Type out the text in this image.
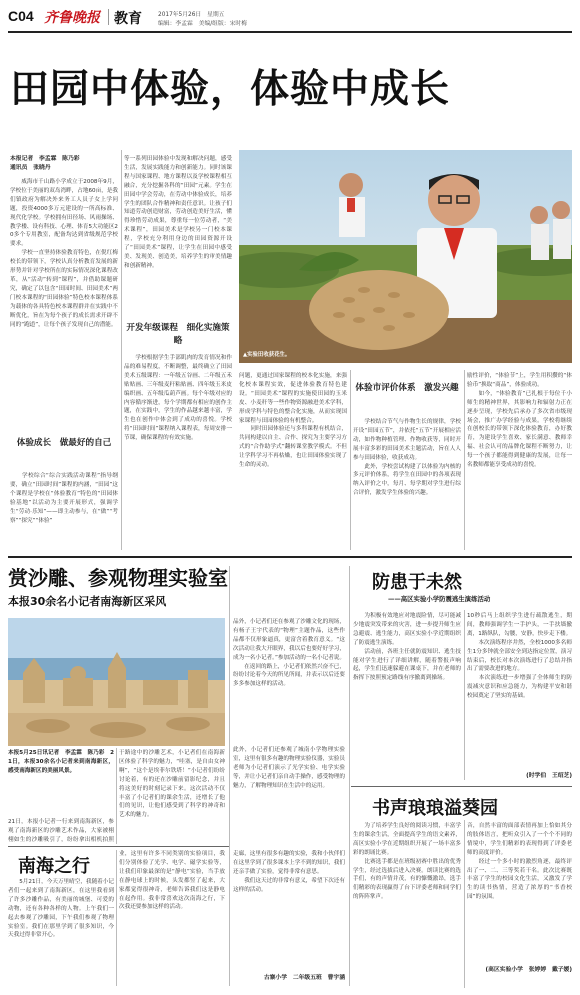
C04 齐鲁晚报 教育	2017年5月26日 星期五
编辑：李孟霖 美编/组版：宋时梅
田园中体验，体验中成长
本报记者　李孟霖　陈乃彩
通讯员　张晓丹
　　威海市千山路小学成立于2008年9月，学校位于美丽的双岛湾畔，占地60亩，是我们镇政府为解决外来务工人员子女上学问题，投资4000多万元建设的一所高标准、现代化学校。学校拥有田径场、风雨操场、教学楼、设有科技、心理、体育5大功能区20多个专用教室，配备均达到省级规范学校要求。
　　学校一直坚持体验教育特色，在倪红梅校长的带领下，学校认真分析教育发展的新形势并针对学校所在的实际情况深化课程改革，从“活动”转到“课程”，并借助课题研究，确定了以包含“田园时间、田园美术”两门校本课程的“田园体验”特色校本课程体系为载体的各具特色校本课程群并在实践中不断优化，旨在为每个孩子的成长需求开辟不同的“跑道”，让每个孩子发现自己的潜能。
体验成长　做最好的自己
　　学校综合“综合实践活动课程”指导纲要，确立“田园时间”课程的内涵，“田园”这个课程是学校在“体验教育”特色的“田园体验基地”以活动为主要开展形式，强调学生“劳动·乐知”——即主动参与，在“做”“考察”“探究”“体验”
等一系列田园体验中发现和解决问题，感受生活，发展实践能力和创新能力。同时该课程与国家课程、地方课程以及学校课程相互融合，充分挖掘各科的“田园”元素。学生在田园中学会劳动，在劳动中体验成长，培养学生的团队合作精神和责任意识。让孩子们知道劳动创造财富，劳动创造美好生活，懂得珍惜劳动成果，尊重每一位劳动者，“美术课程”，田园美术是学校另一门校本课程，学校充分利用身边的田园资源开设了“田园美术”课程，让学生在田园中感受美、发现美、创造美，培养学生的审美情趣和创新精神。
开发年级课程　细化实施策略
　　学校根据学生手部肌肉的发育情况和作品的难易程度，不断调整，最终确立了田园美术五级课程：一年级五谷画、二年级五禾贴贴画、三年级麦秆粘贴画、四年级玉米皮编织画、五年级瓜葫芦画。每个年级对应的内容循序渐进，每个学期都有相应的创作主题，在实践中，学生的作品越来越丰富，学生也在创作中体会到了成功的喜悦。学校将“田园时间”课程纳入课程表，每周安排一节课，确保课程的有效实施。
▲实验田收获花生。
问题，更通过国家课程的校本化实施，来强化校本课程实效，促进体验教育特色建设。“田园美术”课程的实施使田园的玉米皮、小麦秆等一些作物资源融进美术学科，形成学科与特色的整合化实施，从而实现国家课程与田园体验的有机整合。
　　同时田园体验还与多科课程有机结合，共同构建以自主、合作、探究为主要学习方式的“合作助学式”翻转课堂教学模式。不但让学科学习不再枯燥，也让田园体验实现了生命的灵动。
体验市评价体系　激发兴趣
　　学校结合节气与作物生长的规律，学校开设“田园五节”，并依托“五节”开展相应活动，如作物种植管理、作物收获等，同时开展丰富多彩的田园美术主题活动，旨在人人参与田园体验，收获成功。
　　此外，学校尝试构建了以体验为内核的多元评价体系，将学生在田园中的各项表现纳入评价之中，每月、每学期对学生进行综合评价，激发学生体验的兴趣。
励性评价，“体验节”上，学生用积攒的“体验币”换取“商品”，体验成功。
　　如今，“体验教育”已扎根于每位千小师生的精神世界，其影响力和辐射力正在逐步呈现，学校先后承办了多次省市级现场会，推广办学经验与成果。学校将继续在创校长的带领下深化体验教育，办好教育，为建设学生喜欢、家长满意、教师幸福、社会认可的品牌化课程不断努力，让每一个孩子都能得到健康的发展，让每一名教师都能享受成功的喜悦。
赏沙雕、参观物理实验室
本报30余名小记者南海新区采风
本报5月25日讯记者　李孟霖　陈乃彩　21日，本报30余名小记者来到南海新区，感受南海新区的美丽风景。
21日，本报小记者一行来到南海新区，参观了南海新区的沙雕艺术作品，大家被栩栩如生的沙雕吸引了，纷纷拿出相机拍照
于路途中的沙雕艺术，小记者们在南海新区体验了科学的魅力，“哇塞，是自由女神啊”，“这个是埃菲尔铁塔！”小记者们纷纷讨论着，有的还在沙雕前留影纪念，并且将这美好的时刻记录下来。这次活动不仅丰富了小记者们的课余生活，还增长了他们的见识，让他们感受到了科学的神奇和艺术的魅力。
品外，小记者们还在参观了沙雕文化的现场，有杨子王宇代表的“物理”主题作品，这些作品都不仅形象逼真，更富含着教育意义。“这次活动让我大开眼界，我以后也要好好学习，成为一名小记者。”参加活动的一名小记者说。
　　在返回的路上，小记者们依然兴奋不已，纷纷讨论着今天的所见所闻，并表示以后还要多多参加这样的活动。
此外，小记者们还参观了城南小学物理实验室，这里有很多有趣的物理实验仪器，实验员老师为小记者们演示了光学实验、电学实验等，并让小记者们亲自动手操作，感受物理的魅力，了解物理知识在生活中的运用。
南海之行
　　5月21日，今天万里晴空，我随着小记者们一起来到了南海新区，在这里我看到了许多沙雕作品，有美丽的城堡、可爱的动物，还有各种各样的人物。上午我们一起去参观了沙雕园，下午我们参观了物理实验室。我们在那里学到了很多知识，今天我过得非常开心。
业，这里有许多不同类别的实验项目，我们分别体验了光学、电学、磁学实验等，让我们印象最深的是“静电”实验，当手放在静电球上的时候，头发都竖了起来，大家都觉得很神奇，老师告诉我们这是静电在起作用。我非常喜欢这次南海之行，下次我还要参加这样的活动。
走廊，这里有很多有趣的实验，我和小伙伴们在这里学到了很多课本上学不到的知识，我们还亲手做了实验，觉得非常有意思。
　　我们这天过的非常有意义，希望下次还有这样的活动。
古寨小学　二年级五班　曹宇涵
防患于未然
——高区实验小学防震逃生演练活动
　　为积极有效地应对地震险情，尽可能减少地震突发带来的灾害，进一步提升师生应急避震、逃生能力，高区实验小学近期组织了防震逃生演练。
　　活动前，各班主任就防震知识、逃生技能对学生进行了详细讲解，随着警报声响起，学生们迅速躲避在课桌下，并在老师的指挥下按照预定路线有序撤离到操场。
10秒后马上组织学生进行疏散逃生，期间，教师强调学生一手护头，一手扶墙撤离，1路纵队，勾腰，安静，快步走下楼。
　　本次演练程序井然，全校1000多名师生1分多钟就全部安全到达指定位置，演习结束后，校长对本次演练进行了总结并指出了需要改进的地方。
　　本次演练进一步增强了全体师生的防震减灾意识和应急能力，为构建平安和谐校园奠定了坚实的基础。
(时学伯　王绍芝)
书声琅琅溢葵园
　　为了培养学生良好的阅读习惯，丰富学生的课余生活，全面提高学生的语文素养，高区实验小学在近期组织开展了一场丰富多彩的朗诵比赛。
　　比赛选手都是在班级初赛中胜出的优秀学生，经过选拔后进入决赛。朗读比赛的选手们，有的声情并茂，有的慷慨激昂，选手们精彩的表现赢得了台下评委老师和同学们的阵阵掌声。
音，自然丰富的面部表情再加上恰如其分的肢体语言，把听众引入了一个个不同的情境中，学生们精彩的表现得到了评委老师的高度评价。
　　经过一个多小时的激烈角逐，最终评出了一、二、三等奖若干名。此次比赛既丰富了学生的校园文化生活，又激发了学生的读书热情，营造了浓厚的“书香校园”的氛围。
(高区实验小学　张婷婷　戴子媛)
